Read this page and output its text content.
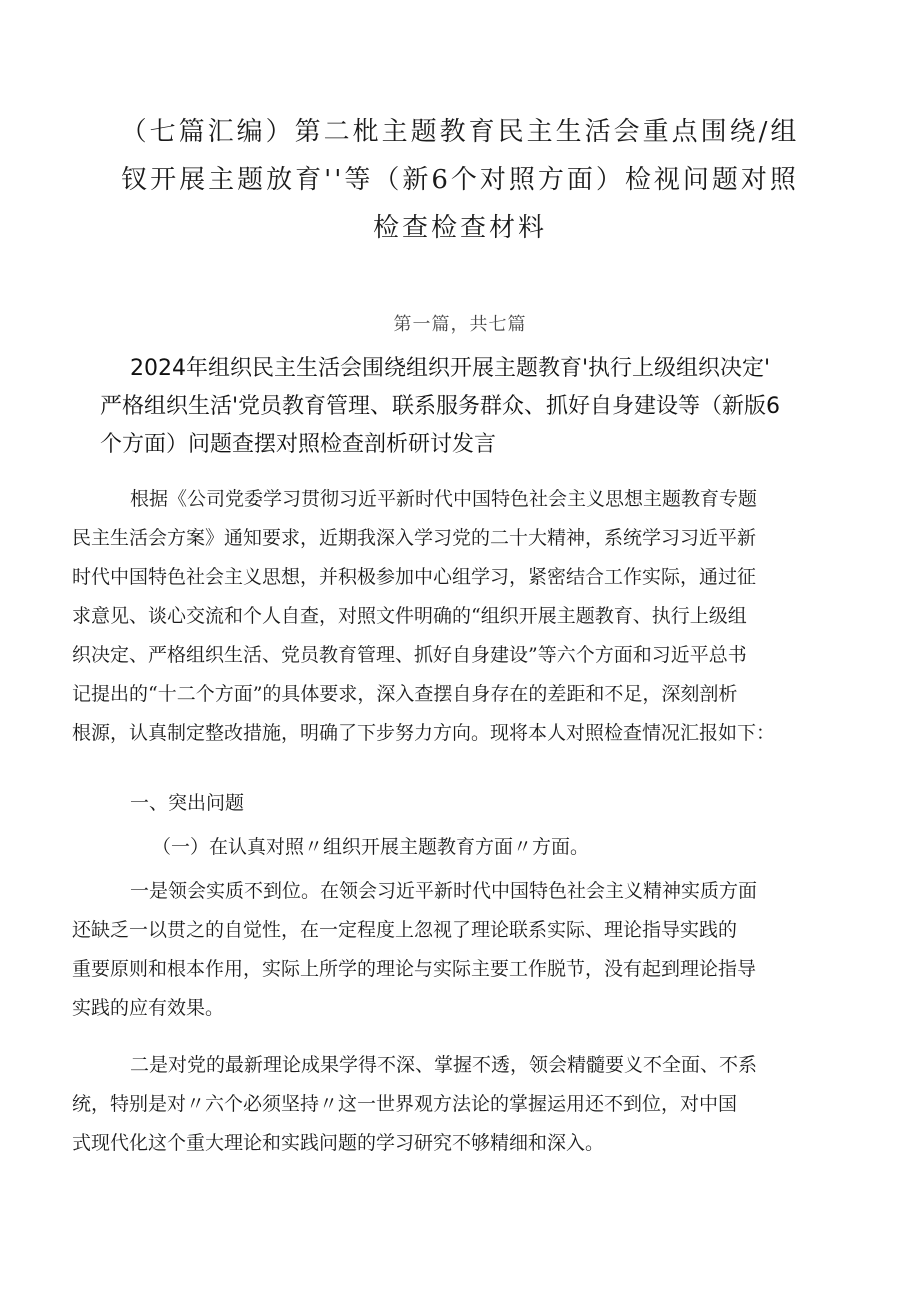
（七篇汇编）第二枇主题教育民主生活会重点围绕/组
钗开展主题放育''等（新6个对照方面）检视问题对照
检查检查材料
第一篇，共七篇
2024年组织民主生活会围绕组织开展主题教育'执行上级组织决定'
严格组织生活'党员教育管理、联系服务群众、抓好自身建设等（新版6
个方面）问题查摆对照检查剖析研讨发言
根据《公司党委学习贯彻习近平新时代中国特色社会主义思想主题教育专题
民主生活会方案》通知要求，近期我深入学习党的二十大精神，系统学习习近平新
时代中国特色社会主义思想，并积极参加中心组学习，紧密结合工作实际，通过征
求意见、谈心交流和个人自查，对照文件明确的“组织开展主题教育、执行上级组
织决定、严格组织生活、党员教育管理、抓好自身建设”等六个方面和习近平总书
记提出的“十二个方面”的具体要求，深入查摆自身存在的差距和不足，深刻剖析
根源，认真制定整改措施，明确了下步努力方向。现将本人对照检查情况汇报如下：
一、突出问题
（一）在认真对照〃组织开展主题教育方面〃方面。
一是领会实质不到位。在领会习近平新时代中国特色社会主义精神实质方面
还缺乏一以贯之的自觉性，在一定程度上忽视了理论联系实际、理论指导实践的
重要原则和根本作用，实际上所学的理论与实际主要工作脱节，没有起到理论指导
实践的应有效果。
二是对党的最新理论成果学得不深、掌握不透，领会精髓要义不全面、不系
统，特别是对〃六个必须坚持〃这一世界观方法论的掌握运用还不到位，对中国
式现代化这个重大理论和实践问题的学习研究不够精细和深入。
